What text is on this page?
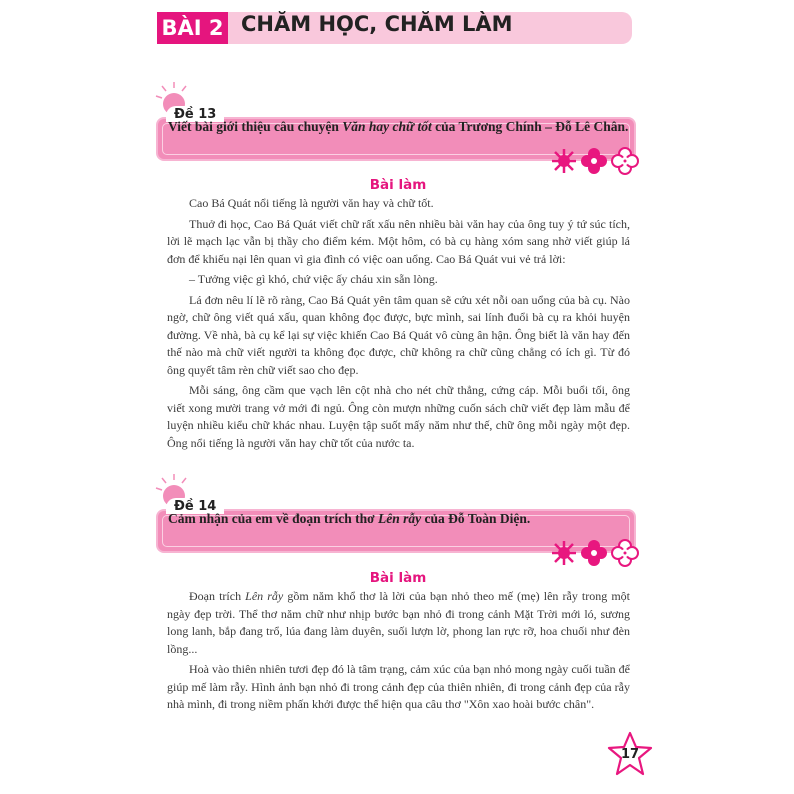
BÀI 2 CHĂM HỌC, CHĂM LÀM
Đề 13
Viết bài giới thiệu câu chuyện Văn hay chữ tốt của Trương Chính – Đỗ Lê Chân.
Bài làm

Cao Bá Quát nổi tiếng là người văn hay và chữ tốt.

Thuở đi học, Cao Bá Quát viết chữ rất xấu nên nhiều bài văn hay của ông tuy ý tứ súc tích, lời lẽ mạch lạc vẫn bị thầy cho điểm kém. Một hôm, có bà cụ hàng xóm sang nhờ viết giúp lá đơn để khiếu nại lên quan vì gia đình có việc oan uổng. Cao Bá Quát vui vẻ trả lời:

– Tưởng việc gì khó, chứ việc ấy cháu xin sẵn lòng.

Lá đơn nêu lí lẽ rõ ràng, Cao Bá Quát yên tâm quan sẽ cứu xét nỗi oan uổng của bà cụ. Nào ngờ, chữ ông viết quá xấu, quan không đọc được, bực mình, sai lính đuổi bà cụ ra khỏi huyện đường. Về nhà, bà cụ kể lại sự việc khiến Cao Bá Quát vô cùng ân hận. Ông biết là văn hay đến thế nào mà chữ viết người ta không đọc được, chữ không ra chữ cũng chẳng có ích gì. Từ đó ông quyết tâm rèn chữ viết sao cho đẹp.

Mỗi sáng, ông cầm que vạch lên cột nhà cho nét chữ thẳng, cứng cáp. Mỗi buổi tối, ông viết xong mười trang vở mới đi ngủ. Ông còn mượn những cuốn sách chữ viết đẹp làm mẫu để luyện nhiều kiểu chữ khác nhau. Luyện tập suốt mấy năm như thế, chữ ông mỗi ngày một đẹp. Ông nổi tiếng là người văn hay chữ tốt của nước ta.

Đề 14
Cảm nhận của em về đoạn trích thơ Lên rẫy của Đỗ Toàn Diện.
Bài làm

Đoạn trích Lên rẫy gồm năm khổ thơ là lời của bạn nhỏ theo mế (mẹ) lên rẫy trong một ngày đẹp trời. Thể thơ năm chữ như nhịp bước bạn nhỏ đi trong cảnh Mặt Trời mới ló, sương long lanh, bắp đang trổ, lúa đang làm duyên, suối lượn lờ, phong lan rực rỡ, hoa chuối như đèn lồng...

Hoà vào thiên nhiên tươi đẹp đó là tâm trạng, cảm xúc của bạn nhỏ mong ngày cuối tuần để giúp mế làm rẫy. Hình ảnh bạn nhỏ đi trong cảnh đẹp của thiên nhiên, đi trong cảnh đẹp của rẫy nhà mình, đi trong niềm phấn khởi được thể hiện qua câu thơ "Xôn xao hoài bước chân".

17
